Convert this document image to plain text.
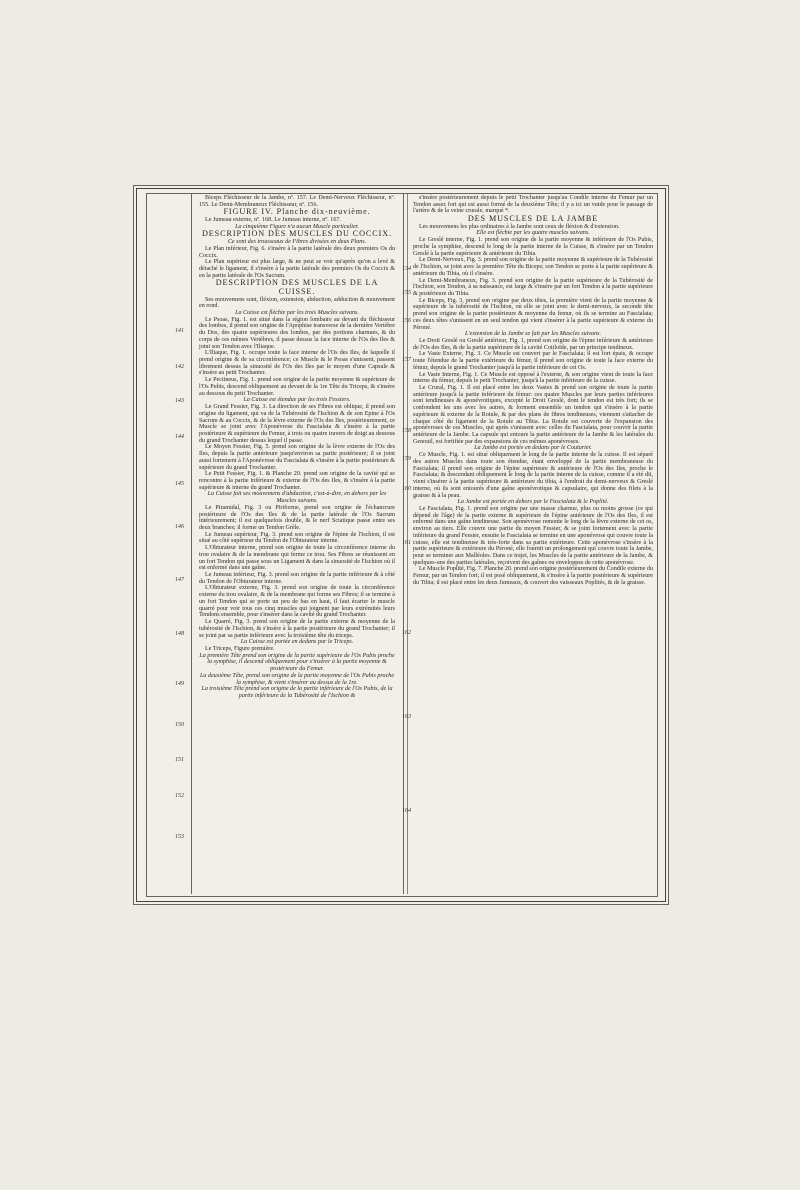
Biceps Fléchisseur de la Jambe, nº. 157. Le Demi-Nerveux Fléchisseur, nº. 155. Le Demi-Membraneux Fléchisseur, nº. 156.

FIGURE IV. Planche dix-neuvième.

Le Jumeau externe, nº. 168. Le Jumeau interne, nº. 167.

La cinquième Figure n'a aucun Muscle particulier.

DESCRIPTION DES MUSCLES DU COCCIX.

Ce sont des trousseaux de Fibres divisées en deux Plans.

Le Plan inférieur, Fig. 6. s'insère à la partie latérale des deux premiers Os du Coccix.

Le Plan supérieur est plus large, & ne peut se voir qu'après qu'on a levé & détaché le ligament, il s'insère à la partie latérale des premiers Os du Coccix & en la partie latérale de l'Os Sacrum.

DESCRIPTION DES MUSCLES DE LA CUISSE.

Ses mouvemens sont, fléxion, extension, abduction, adduction & mouvement en rond.

La Cuisse est fléchie par les trois Muscles suivans.

Le Psoas, Fig. 1. est situé dans la région lombaire au devant du fléchisseur des lombes, il prend son origine de l'Apophise transverse de la dernière Vertèbre du Dos, des quatre supérieures des lombes, par des portions charnues, & du corps de ces mêmes Vertèbres, il passe dessus la face interne de l'Os des Iles & joint son Tendon avec l'Iliaque.

L'Iliaque, Fig. 1. occupe toute la face interne de l'Os des Iles, de laquelle il prend origine & de sa circonférence; ce Muscle & le Psoas s'unissent, passent librement dessus la sinuosité de l'Os des Iles par le moyen d'une Capsule & s'insère au petit Trochanter.

Le Pectineus, Fig. 1. prend son origine de la partie moyenne & supérieure de l'Os Pubis, descend obliquement au devant de la 1re Tête du Triceps, & s'insère au dessous du petit Trochanter.

La Cuisse est étendue par les trois Fessiers.

Le Grand Fessier, Fig. 3. La direction de ses Fibres est oblique, il prend son origine du ligament, qui va de la Tubérosité de l'Ischion & de son Epine à l'Os Sacrum & au Coccix, & de la lèvre externe de l'Os des Iles, postérieurement, ce Muscle se joint avec l'Aponévrose du Fascialata & s'insère à la partie postérieure & supérieure du Femur, à trois ou quatre travers de doigt au dessous du grand Trochanter dessus lequel il passe.

Le Moyen Fessier, Fig. 5. prend son origine de la lèvre externe de l'Os des Iles, depuis la partie antérieure jusqu'environ sa partie postérieure; il se joint aussi fortement à l'Aponévrose du Fascialata & s'insère à la partie postérieure & supérieure du grand Trochanter.

Le Petit Fessier, Fig. 1. & Planche 20. prend son origine de la cavité qui se rencontre à la partie inférieure & externe de l'Os des Iles, & s'insère à la partie supérieure & interne du grand Trochanter.

La Cuisse fait ses mouvemens d'abduction, c'est-à-dire, en dehors par les Muscles suivans.

Le Piramidal, Fig. 3 ou Piriforme, prend son origine de l'échancrure postérieure de l'Os des Iles & de la partie latérale de l'Os Sacrum intérieurement; il est quelquefois double, & le nerf Sciatique passe entre ses deux branches; il forme un Tendon Grêle.

Le Jumeau supérieur, Fig. 3. prend son origine de l'épine de l'Ischion, il est situé au côté supérieur du Tendon de l'Obturateur interne.

L'Obturateur interne, prend son origine de toute la circonférence interne du trou ovalaire & de la membrane qui ferme ce trou. Ses Fibres se réunissent en un fort Tendon qui passe sous un Ligament & dans la sinuosité de l'Ischion où il est enfermé dans une gaîne.

Le Jumeau inférieur, Fig. 3. prend son origine de la partie inférieure & à côté du Tendon de l'Obturateur interne.

L'Obturateur externe, Fig. 3. prend son origine de toute la circonférence externe du trou ovalaire, & de la membrane qui forme ses Fibres; il se termine à un fort Tendon qui se porte un peu de bas en haut, il faut écarter le muscle quarré pour voir tous ces cinq muscles qui joignent par leurs extrémités leurs Tendons ensemble, pour s'insérer dans la cavité du grand Trochanter.

Le Quarré, Fig. 3. prend son origine de la partie externe & moyenne de la tubérosité de l'Ischion, & s'insère à la partie postérieure du grand Trochanter; il se joint par sa partie inférieure avec la troisième tête du triceps.

La Cuisse est portée en dedans par le Triceps.

Le Triceps, Figure première.

La première Tête prend son origine de la partie supérieure de l'Os Pubis proche la symphise, il descend obliquement pour s'insérer à la partie moyenne & postérieure du Femur.

La deuxième Tête, prend son origine de la partie moyenne de l'Os Pubis proche la symphise, & vient s'insérer au dessus de la 1re.

La troisième Tête prend son origine de la partie inférieure de l'Os Pubis, de la partie inférieure de la Tubérosité de l'Ischion &

s'insère postérieurement depuis le petit Trochanter jusqu'au Condile interne du Femur par un Tendon assez fort qui est aussi formé de la deuxième Tête; il y a ici un vuide pour le passage de l'artère & de la veine crurale, marqué *.

DES MUSCLES DE LA JAMBE

Les mouvemens les plus ordinaires à la Jambe sont ceux de fléxion & d'extension.

Elle est fléchie par les quatre muscles suivans.

Le Greslé interne, Fig. 1. prend son origine de la partie moyenne & inférieure de l'Os Pubis, proche la symphise, descend le long de la partie interne de la Cuisse, & s'insère par un Tendon Greslé à la partie supérieure & antérieure du Tibia.

Le Demi-Nerveux, Fig. 3. prend son origine de la partie moyenne & supérieure de la Tubérosité de l'Ischion, se joint avec la première Tête du Biceps; son Tendon se porte à la partie supérieure & antérieure du Tibia, où il s'insère.

Le Demi-Membraneux, Fig. 3. prend son origine de la partie supérieure de la Tubérosité de l'Ischion, son Tendon, à sa naissance, est large & s'insère par un fort Tendon à la partie supérieure & postérieure du Tibia.

Le Biceps, Fig. 3, prend son origine par deux têtes, la première vient de la partie moyenne & supérieure de la tubérosité de l'Ischion, où elle se joint avec le demi-nerveux, la seconde tête prend son origine de la partie postérieure & moyenne du femur, où ils se termine au Fascialata; ces deux têtes s'unissent en un seul tendon qui vient s'insérer à la partie supérieure & externe du Péroné.

L'extension de la Jambe se fait par les Muscles suivans.

Le Droit Greslé ou Greslé antérieur, Fig. 1, prend son origine de l'épine inférieure & antérieure de l'Os des Iles, & de la partie supérieure de la cavité Cotiloïde, par un principe tendineux.

Le Vaste Externe, Fig. 3. Ce Muscle est couvert par le Fascialata; il est fort épais, & occupe toute l'étendue de la partie extérieure du fémur, il prend son origine de toute la face externe du fémur, depuis le grand Trochanter jusqu'à la partie inférieure de cet Os.

Le Vaste Interne, Fig. 1. Ce Muscle est opposé à l'externe, & son origine vient de toute la face interne du fémur, depuis le petit Trochanter, jusqu'à la partie inférieure de la cuisse.

Le Crural, Fig. 1. Il est placé entre les deux Vastes & prend son origine de toute la partie antérieure jusqu'à la partie inférieure du fémur: ces quatre Muscles par leurs parties inférieures sont tendineuses & aponévrotiques, excepté le Droit Greslé, dont le tendon est très fort; ils se confondent les uns avec les autres, & forment ensemble un tendon qui s'insère à la partie supérieure & externe de la Rotule, & par des plans de fibres tendineuses, viennent s'attacher de chaque côté du ligament de la Rotule au Tibia. La Rotule est couverte de l'expansion des aponévroses de ces Muscles, qui après s'unissent avec celles du Fascialata, pour couvrir la partie antérieure de la Jambe. La capsule qui entoure la partie antérieure de la Jambe & les latérales du Genouil, est fortifiée par des expansions de ces mêmes aponévroses.

La Jambe est portée en dedans par le Couturier.

Ce Muscle, Fig. 1. est situé obliquement le long de la partie interne de la cuisse. Il est séparé des autres Muscles dans toute son étendue, étant enveloppé de la partie membraneuse du Fascialata; il prend son origine de l'épine supérieure & antérieure de l'Os des Iles, proche le Fascialata; & descendant obliquement le long de la partie interne de la cuisse, comme il a été dit, vient s'insérer à la partie supérieure & antérieure du tibia, à l'endroit du demi-nerveux & Greslé interne, où ils sont entourés d'une gaîne aponévrotique & capsulaire, qui donne des filets à la graisse & à la peau.

La Jambe est portée en dehors par le Fascialata & le Poplité.

Le Fascialata, Fig. 1. prend son origine par une masse charnue, plus ou moins grosse (ce qui dépend de l'âge) de la partie externe & supérieure de l'épine antérieure de l'Os des Iles, il est enfermé dans une gaîne tendineuse. Son aponévrose remonte le long de la lèvre externe de cet os, environ au tiers. Elle couvre une partie du moyen Fessier, & se joint fortement avec la partie inférieure du grand Fessier, ensuite le Fascialata se termine en une aponévrose qui couvre toute la cuisse, elle est tendineuse & très-forte dans sa partie extérieure. Cette aponévrose s'insère à la partie supérieure & extérieure du Péroné, elle fournit un prolongement qui couvre toute la Jambe, pour se terminer aux Malléoles. Dans ce trajet, les Muscles de la partie antérieure de la Jambe, & quelques-uns des parties latérales, reçoivent des gaînes ou enveloppes de cette aponévrose.

Le Muscle Poplité, Fig. 7. Planche 20. prend son origine postérieurement du Condile externe du Femur, par un Tendon fort; il est posé obliquement, & s'insère à la partie postérieure & supérieure du Tibia; il est placé entre les deux Jumeaux, & couvert des vaisseaux Poplités, & de la graisse.

141
142
143
144
145
146
147
148
149
150
151
152
153
134
155
156
157
158
159
160
161
162
163
164
